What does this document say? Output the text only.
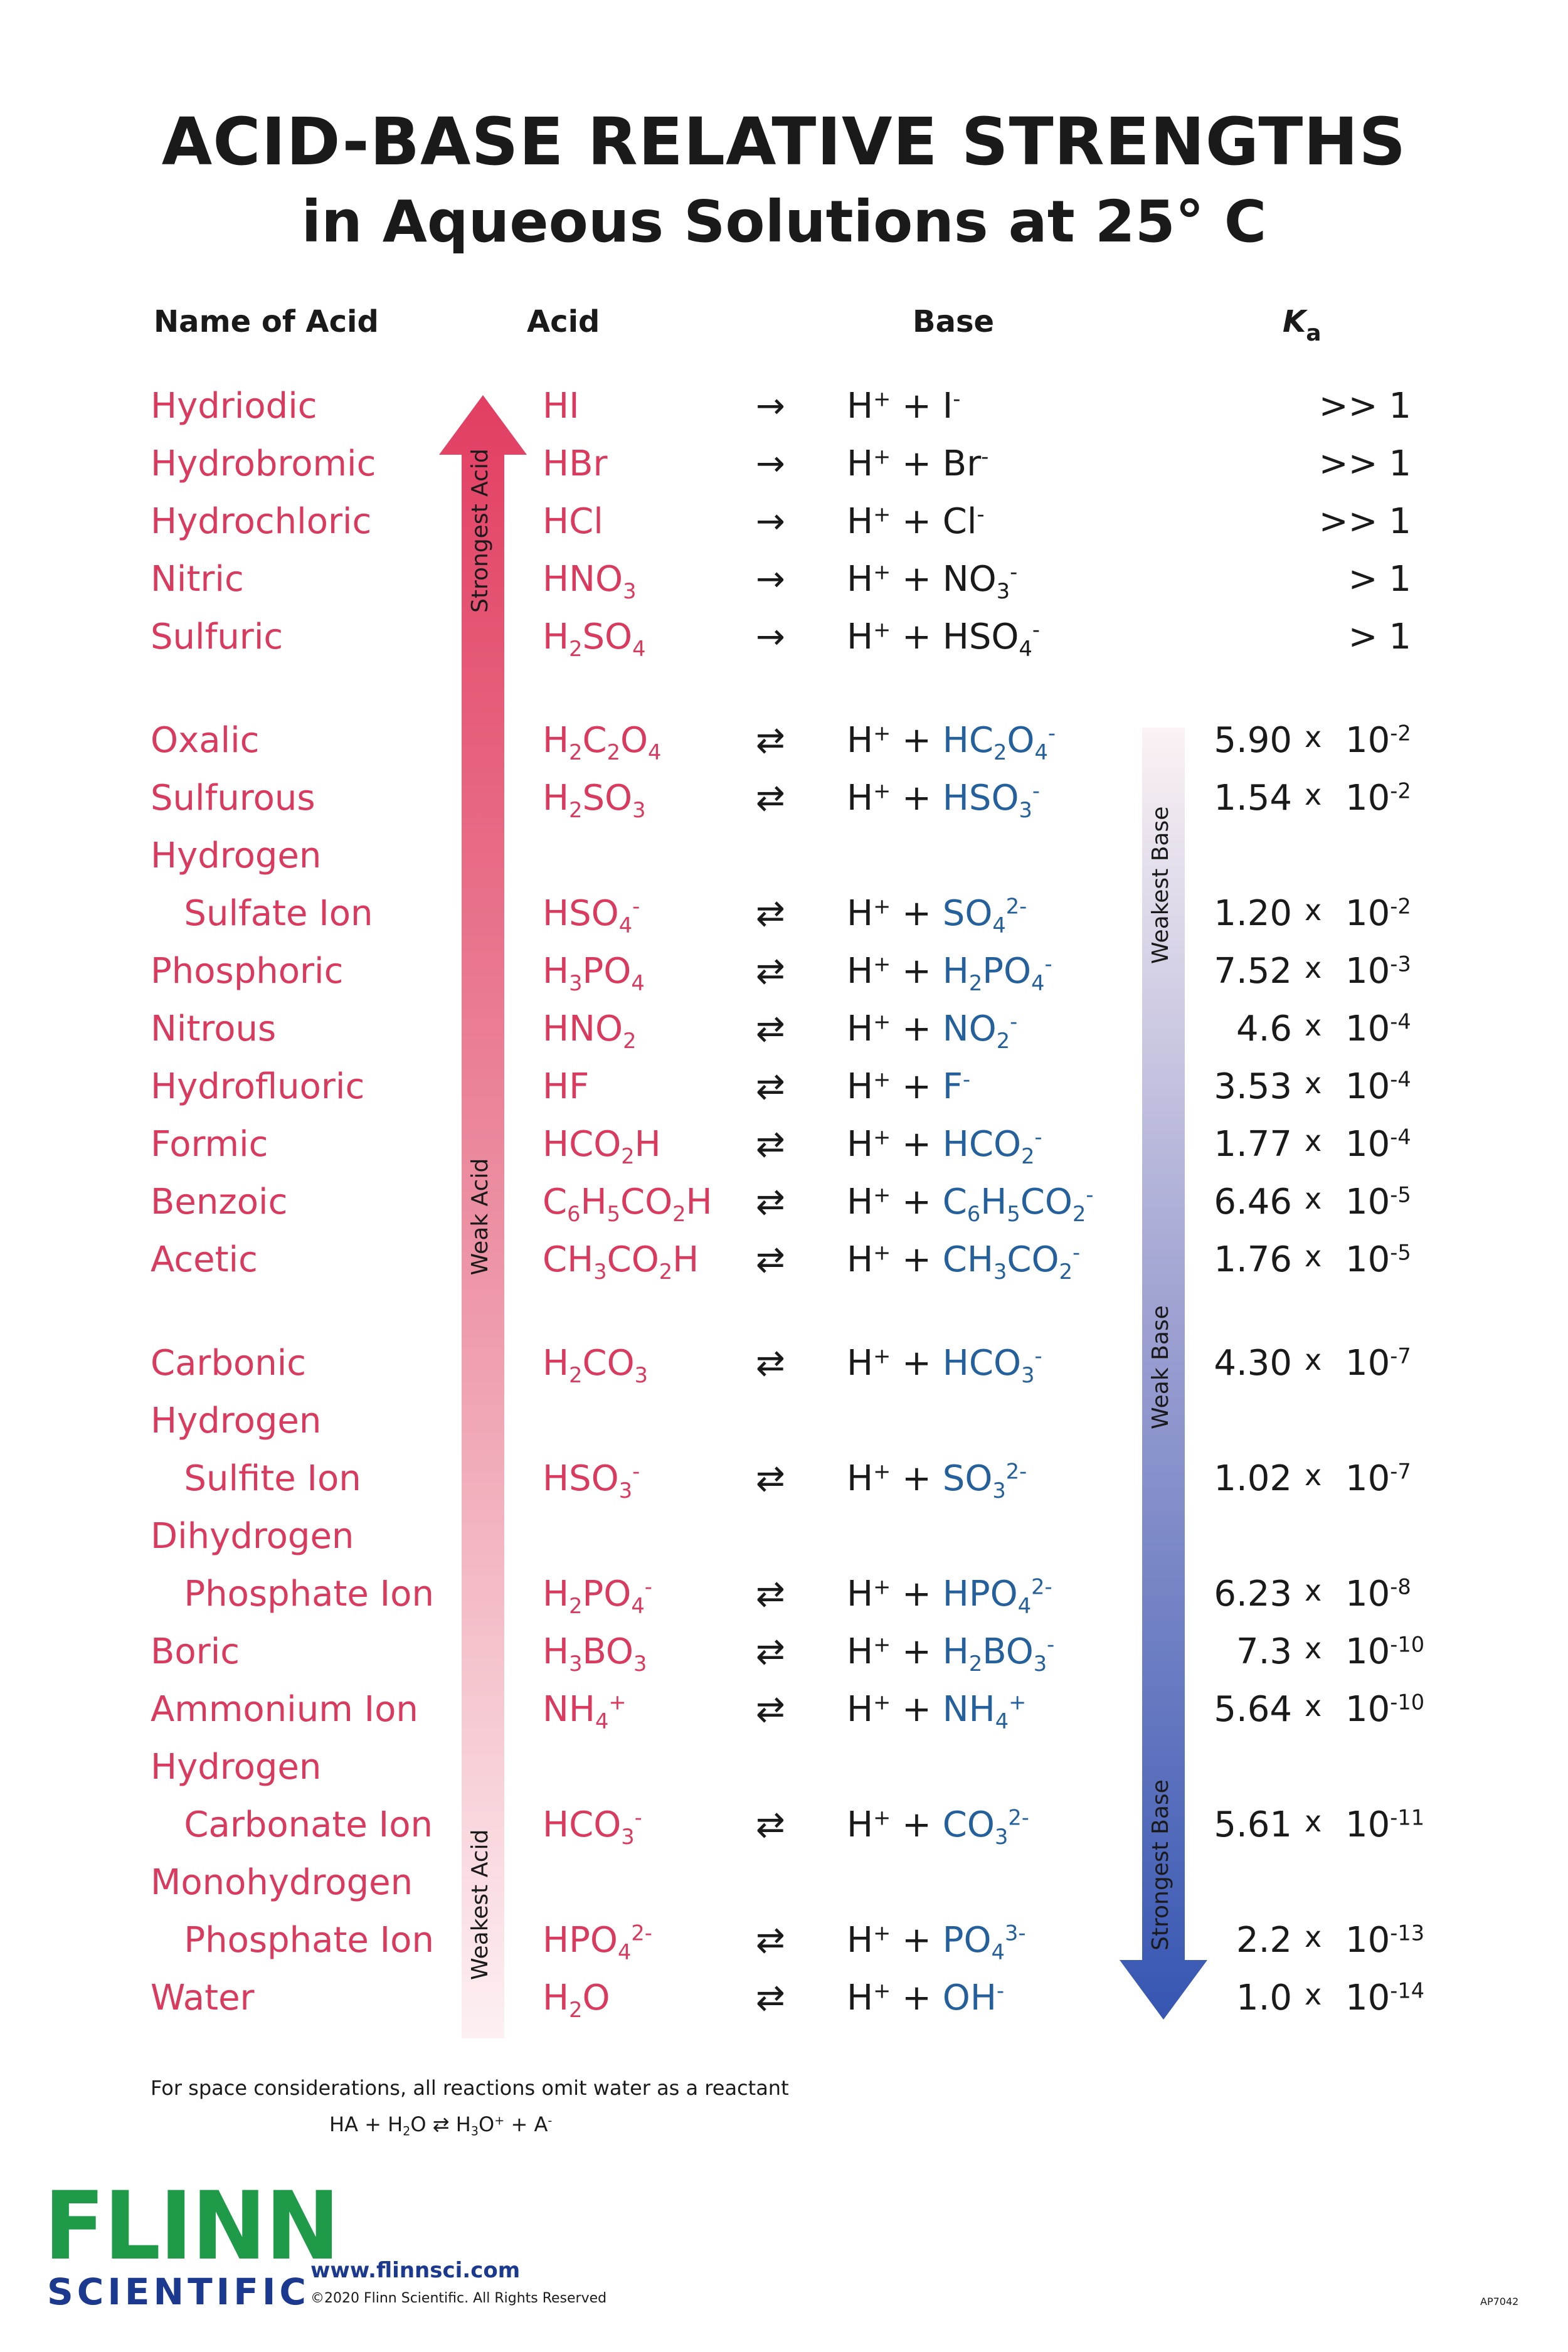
ACID-BASE RELATIVE STRENGTHS
in Aqueous Solutions at 25° C
Name of Acid	Acid	Base	$K_a$
Strongest Acid
Weak Acid
Weakest Acid
Weakest Base
Weak Base
Strongest Base
Hydriodic	HI	→ H+ + I-	>> 1
Hydrobromic	HBr	→ H+ + Br-	>> 1
Hydrochloric	HCl	→ H+ + Cl-	>> 1
Nitric	$HNO_3$	→ $H^+ + NO_3^-$	> 1
Sulfuric	$H_2SO_4$	→ $H^+ + HSO_4^-$	> 1
Oxalic	$H_2C_2O_4$	⇄ $H^+ + HC_2O_4^-$	5.90 x $10^{-2}$
Sulfurous	$H_2SO_3$	⇄ $H^+ + HSO_3^-$	1.54 x $10^{-2}$
Hydrogen
Sulfate Ion	$HSO_4^-$	⇄ $H^+ + SO_4^{2-}$	1.20 x $10^{-2}$
Phosphoric	$H_3PO_4$	⇄ $H^+ + H_2PO_4^-$	7.52 x $10^{-3}$
Nitrous	$HNO_2$	⇄ $H^+ + NO_2^-$	4.6 x $10^{-4}$
Hydrofluoric	HF	⇄ H+ + F-	3.53 x $10^{-4}$
Formic	$HCO_2H$	⇄ $H^+ + HCO_2^-$	1.77 x $10^{-4}$
Benzoic	$C_6H_5CO_2H$ ⇄ $H^+ + C_6H_5CO_2^-$	6.46 x $10^{-5}$
Acetic	$CH_3CO_2H$ ⇄ $H^+ + CH_3CO_2^-$	1.76 x $10^{-5}$
Carbonic	$H_2CO_3$	⇄ $H^+ + HCO_3^-$	4.30 x $10^{-7}$
Hydrogen
Sulfite Ion	$HSO_3^-$	⇄ $H^+ + SO_3^{2-}$	1.02 x $10^{-7}$
Dihydrogen
Phosphate Ion	$H_2PO_4^-$	⇄ $H^+ + HPO_4^{2-}$	6.23 x $10^{-8}$
Boric	$H_3BO_3$	⇄ $H^+ + H_2BO_3^-$	7.3 x $10^{-10}$
Ammonium Ion	$NH_4^+$	⇄ $H^+ + NH_4^+$	5.64 x $10^{-10}$
Hydrogen
Carbonate Ion	$HCO_3^-$	⇄ $H^+ + CO_3^{2-}$	5.61 x $10^{-11}$
Monohydrogen
Phosphate Ion	$HPO_4^{2-}$	⇄ $H^+ + PO_4^{3-}$	2.2 x $10^{-13}$
Water	$H_2O$	⇄ H+ + OH-	1.0 x $10^{-14}$
For space considerations, all reactions omit water as a reactant
HA + $H_2O$ ⇄ $H_3O^+ + A^-$
FLINN
SCIENTIFIC www.flinnsci.com
©2020 Flinn Scientific. All Rights Reserved	AP7042
